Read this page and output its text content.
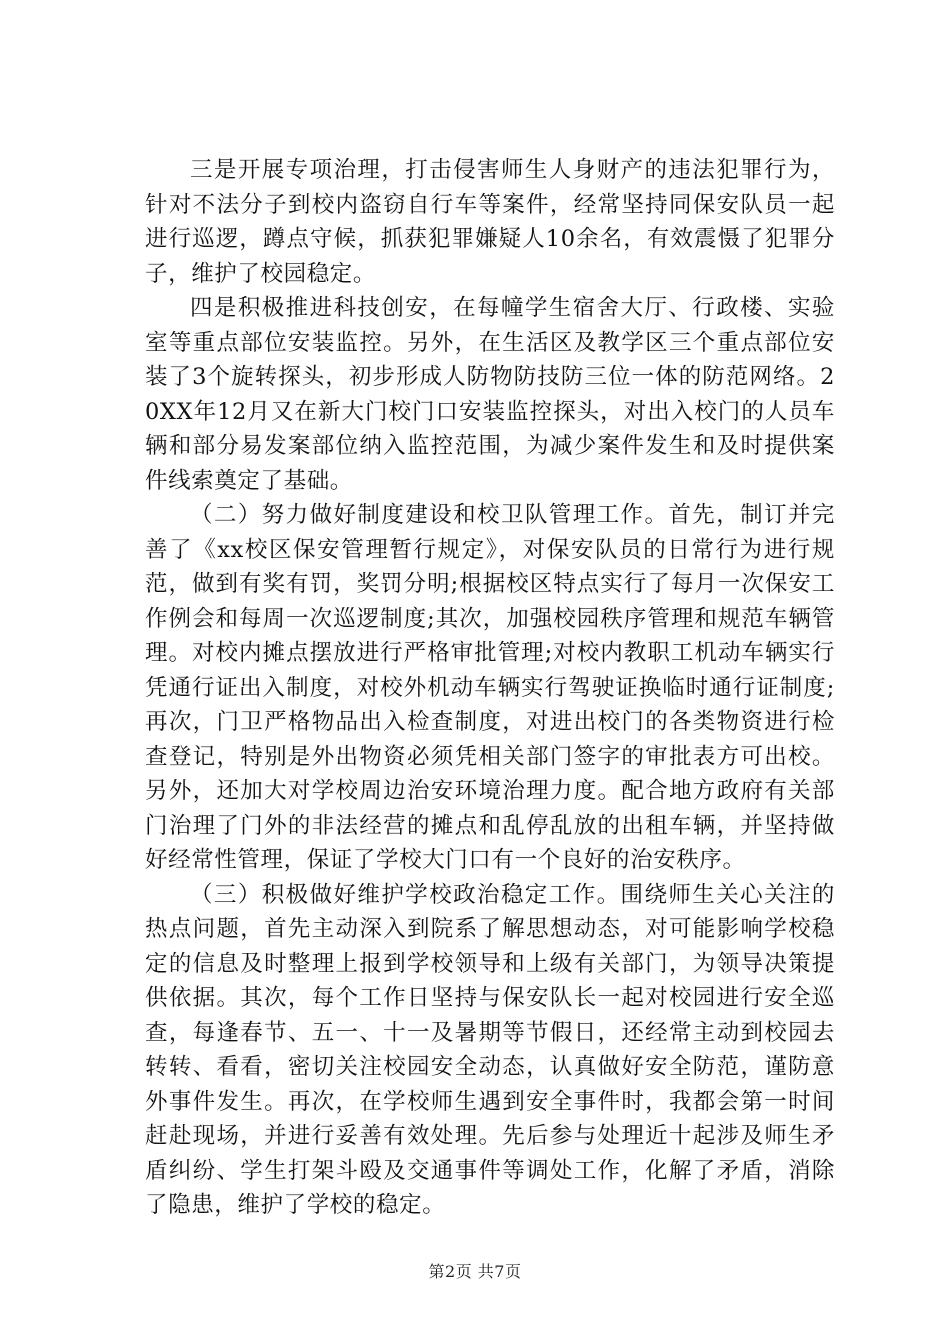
三是开展专项治理，打击侵害师生人身财产的违法犯罪行为，针对不法分子到校内盗窃自行车等案件，经常坚持同保安队员一起进行巡逻，蹲点守候，抓获犯罪嫌疑人10余名，有效震慑了犯罪分子，维护了校园稳定。

四是积极推进科技创安，在每幢学生宿舍大厅、行政楼、实验室等重点部位安装监控。另外，在生活区及教学区三个重点部位安装了3个旋转探头，初步形成人防物防技防三位一体的防范网络。20XX年12月又在新大门校门口安装监控探头，对出入校门的人员车辆和部分易发案部位纳入监控范围，为减少案件发生和及时提供案件线索奠定了基础。

（二）努力做好制度建设和校卫队管理工作。首先，制订并完善了《xx校区保安管理暂行规定》，对保安队员的日常行为进行规范，做到有奖有罚，奖罚分明;根据校区特点实行了每月一次保安工作例会和每周一次巡逻制度;其次，加强校园秩序管理和规范车辆管理。对校内摊点摆放进行严格审批管理;对校内教职工机动车辆实行凭通行证出入制度，对校外机动车辆实行驾驶证换临时通行证制度;再次，门卫严格物品出入检查制度，对进出校门的各类物资进行检查登记，特别是外出物资必须凭相关部门签字的审批表方可出校。另外，还加大对学校周边治安环境治理力度。配合地方政府有关部门治理了门外的非法经营的摊点和乱停乱放的出租车辆，并坚持做好经常性管理，保证了学校大门口有一个良好的治安秩序。

（三）积极做好维护学校政治稳定工作。围绕师生关心关注的热点问题，首先主动深入到院系了解思想动态，对可能影响学校稳定的信息及时整理上报到学校领导和上级有关部门，为领导决策提供依据。其次，每个工作日坚持与保安队长一起对校园进行安全巡查，每逢春节、五一、十一及暑期等节假日，还经常主动到校园去转转、看看，密切关注校园安全动态，认真做好安全防范，谨防意外事件发生。再次，在学校师生遇到安全事件时，我都会第一时间赶赴现场，并进行妥善有效处理。先后参与处理近十起涉及师生矛盾纠纷、学生打架斗殴及交通事件等调处工作，化解了矛盾，消除了隐患，维护了学校的稳定。

第2页 共7页
